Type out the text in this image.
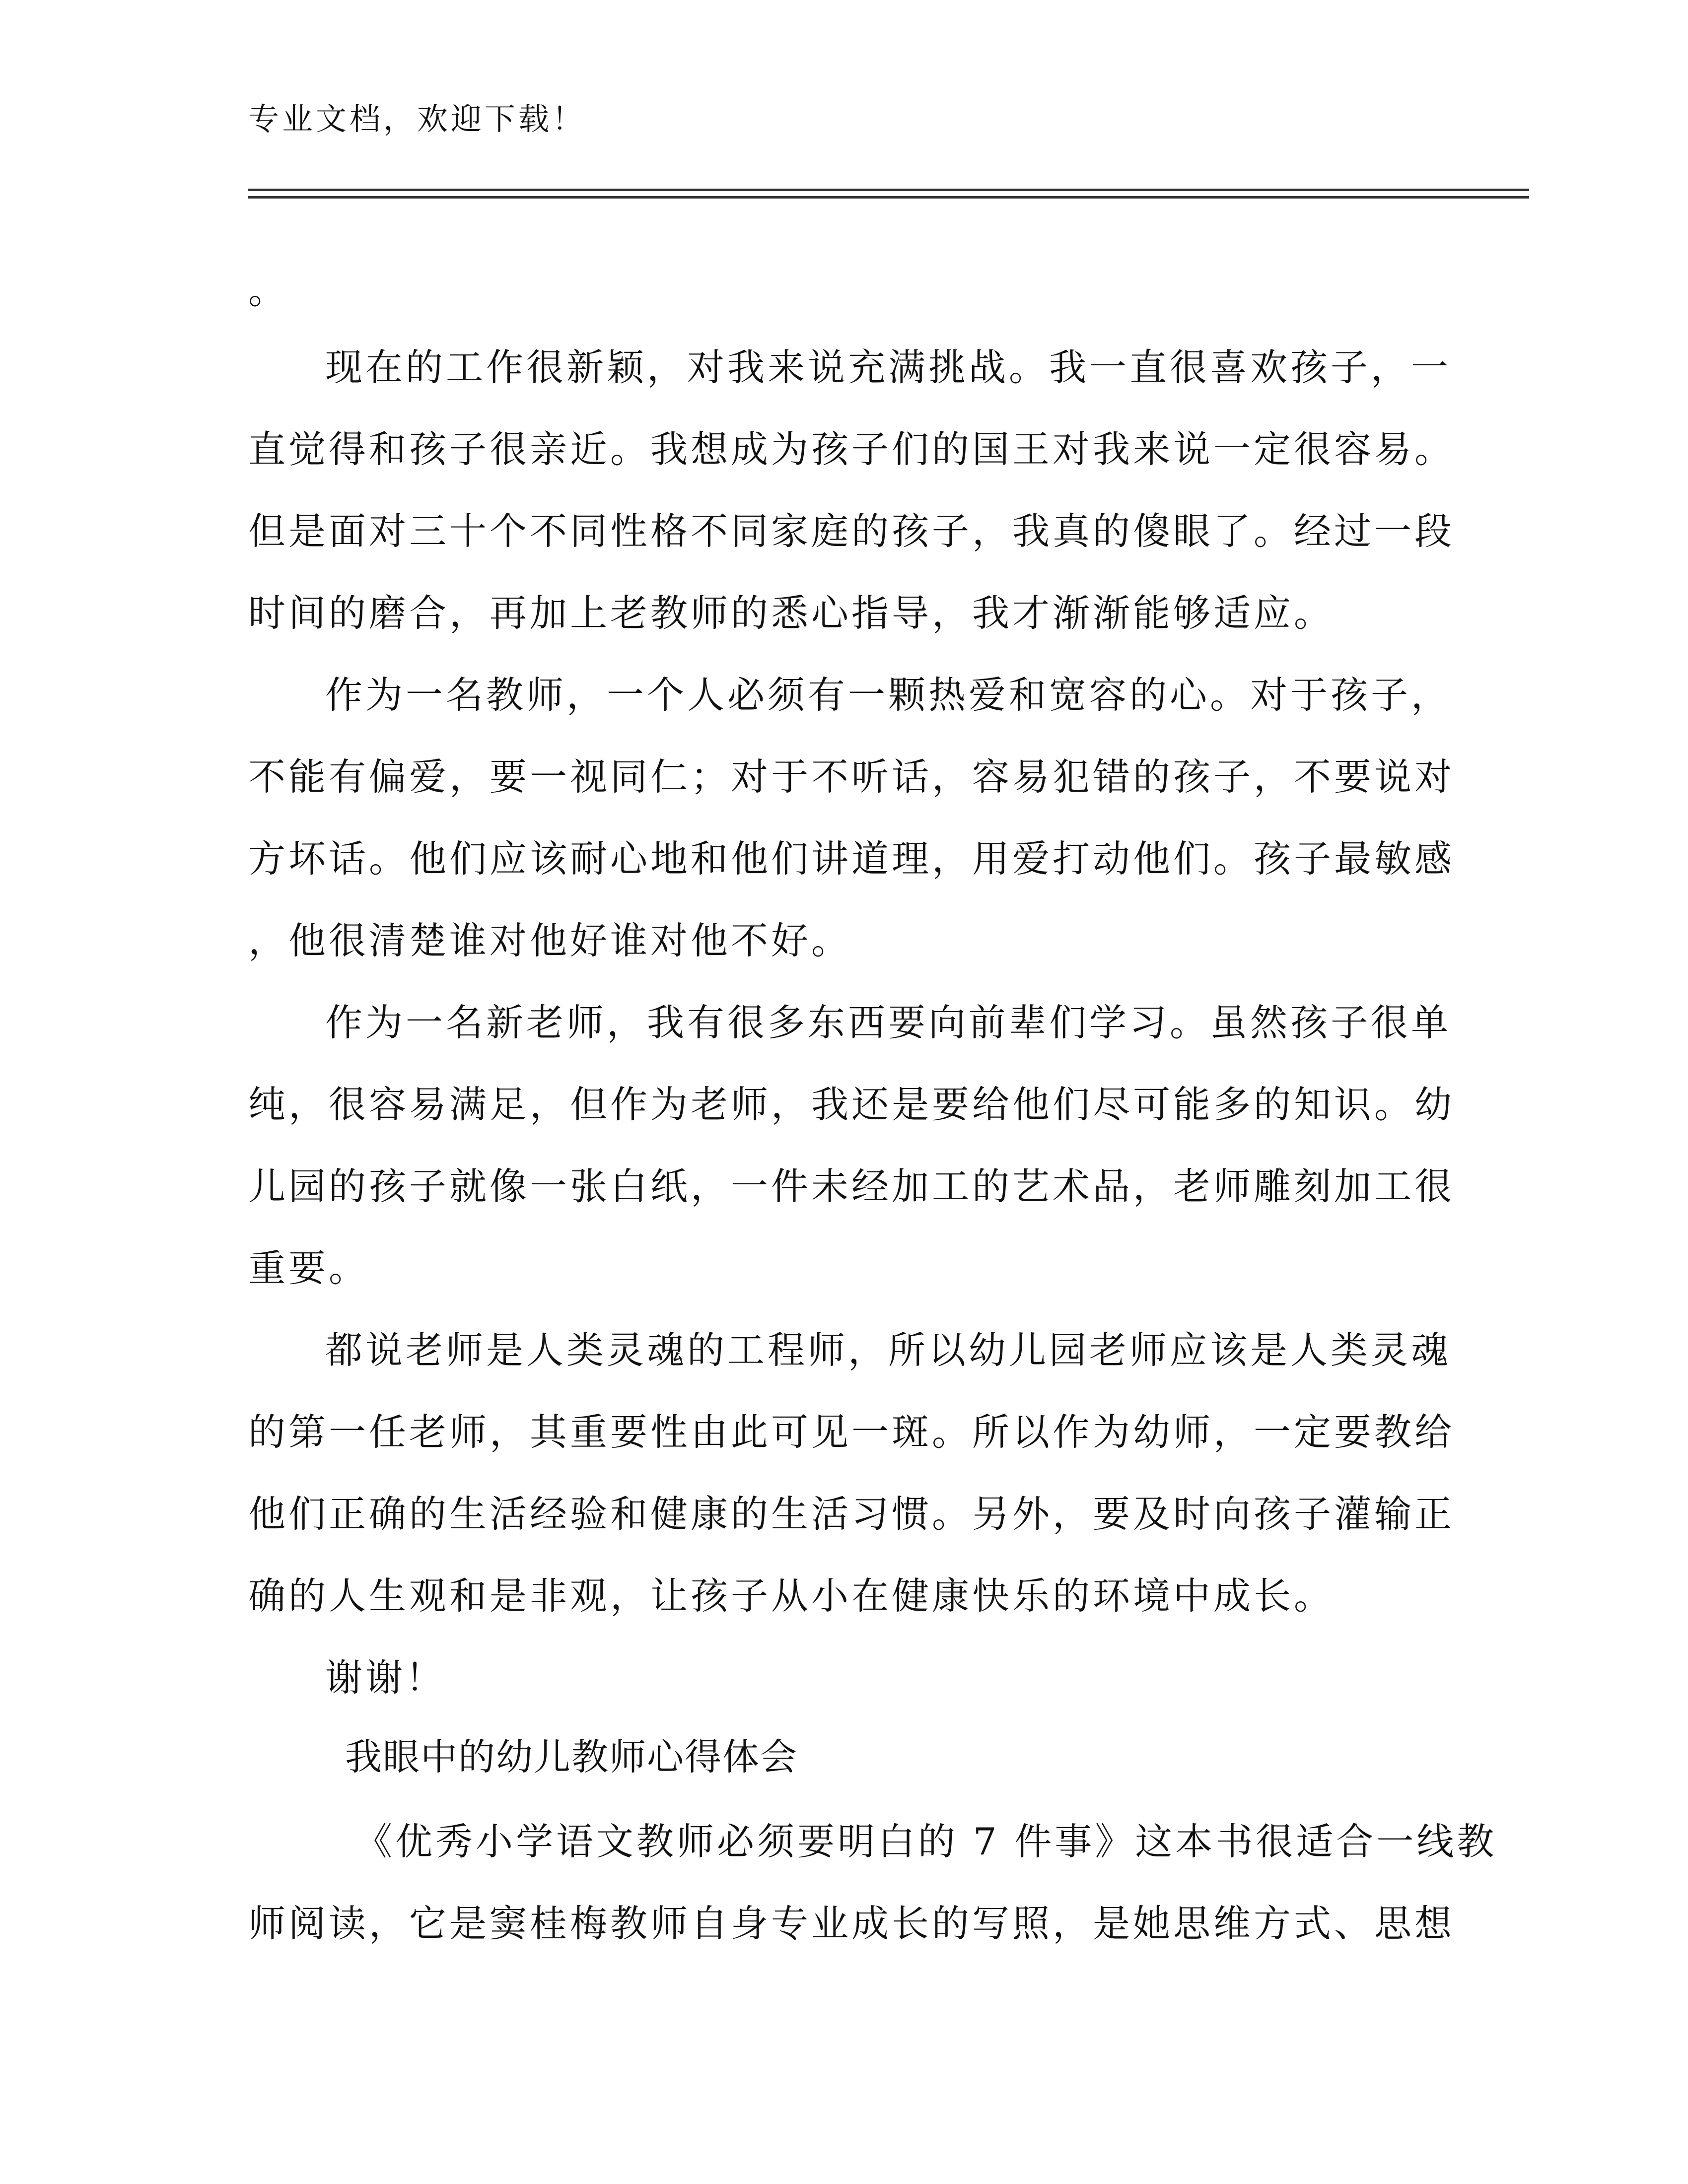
专业文档，欢迎下载！
。
现在的工作很新颖，对我来说充满挑战。我一直很喜欢孩子，一
直觉得和孩子很亲近。我想成为孩子们的国王对我来说一定很容易。
但是面对三十个不同性格不同家庭的孩子，我真的傻眼了。经过一段
时间的磨合，再加上老教师的悉心指导，我才渐渐能够适应。
作为一名教师，一个人必须有一颗热爱和宽容的心。对于孩子，
不能有偏爱，要一视同仁；对于不听话，容易犯错的孩子，不要说对
方坏话。他们应该耐心地和他们讲道理，用爱打动他们。孩子最敏感
，他很清楚谁对他好谁对他不好。
作为一名新老师，我有很多东西要向前辈们学习。虽然孩子很单
纯，很容易满足，但作为老师，我还是要给他们尽可能多的知识。幼
儿园的孩子就像一张白纸，一件未经加工的艺术品，老师雕刻加工很
重要。
都说老师是人类灵魂的工程师，所以幼儿园老师应该是人类灵魂
的第一任老师，其重要性由此可见一斑。所以作为幼师，一定要教给
他们正确的生活经验和健康的生活习惯。另外，要及时向孩子灌输正
确的人生观和是非观，让孩子从小在健康快乐的环境中成长。
谢谢！
我眼中的幼儿教师心得体会
《优秀小学语文教师必须要明白的 7 件事》这本书很适合一线教
师阅读，它是窦桂梅教师自身专业成长的写照，是她思维方式、思想
